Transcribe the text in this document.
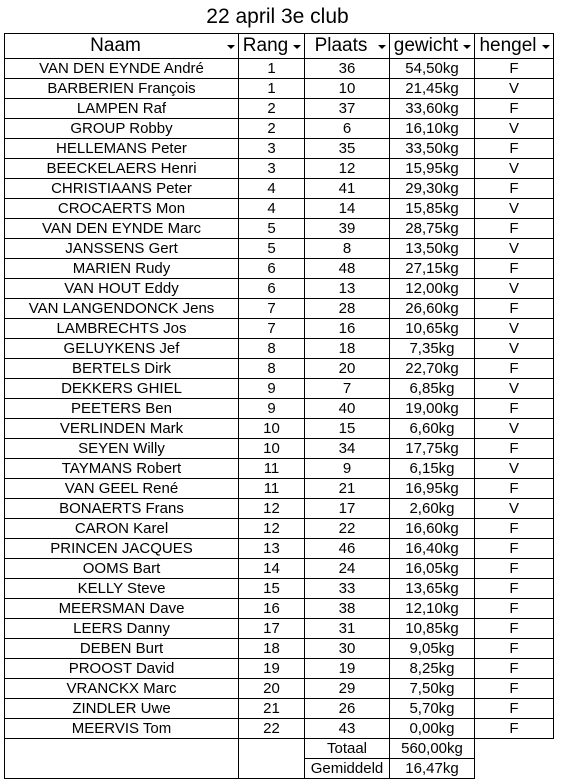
22 april 3e club
Naam	Rang	Plaats	gewicht	hengel

VAN DEN EYNDE André	1	36	54,50kg	F
BARBERIEN François	1	10	21,45kg	V
LAMPEN Raf	2	37	33,60kg	F
GROUP Robby	2	6	16,10kg	V
HELLEMANS Peter	3	35	33,50kg	F
BEECKELAERS Henri	3	12	15,95kg	V
CHRISTIAANS Peter	4	41	29,30kg	F
CROCAERTS Mon	4	14	15,85kg	V
VAN DEN EYNDE Marc	5	39	28,75kg	F
JANSSENS Gert	5	8	13,50kg	V
MARIEN Rudy	6	48	27,15kg	F
VAN HOUT Eddy	6	13	12,00kg	V
VAN LANGENDONCK Jens	7	28	26,60kg	F
LAMBRECHTS Jos	7	16	10,65kg	V
GELUYKENS Jef	8	18	7,35kg	V
BERTELS Dirk	8	20	22,70kg	F
DEKKERS GHIEL	9	7	6,85kg	V
PEETERS Ben	9	40	19,00kg	F
VERLINDEN Mark	10	15	6,60kg	V
SEYEN Willy	10	34	17,75kg	F
TAYMANS Robert	11	9	6,15kg	V
VAN GEEL René	11	21	16,95kg	F
BONAERTS Frans	12	17	2,60kg	V
CARON Karel	12	22	16,60kg	F
PRINCEN JACQUES	13	46	16,40kg	F
OOMS Bart	14	24	16,05kg	F
KELLY Steve	15	33	13,65kg	F
MEERSMAN Dave	16	38	12,10kg	F
LEERS Danny	17	31	10,85kg	F
DEBEN Burt	18	30	9,05kg	F
PROOST David	19	19	8,25kg	F
VRANCKX Marc	20	29	7,50kg	F
ZINDLER Uwe	21	26	5,70kg	F
MEERVIS Tom	22	43	0,00kg	F
		Totaal	560,00kg	
		Gemiddeld	16,47kg	
